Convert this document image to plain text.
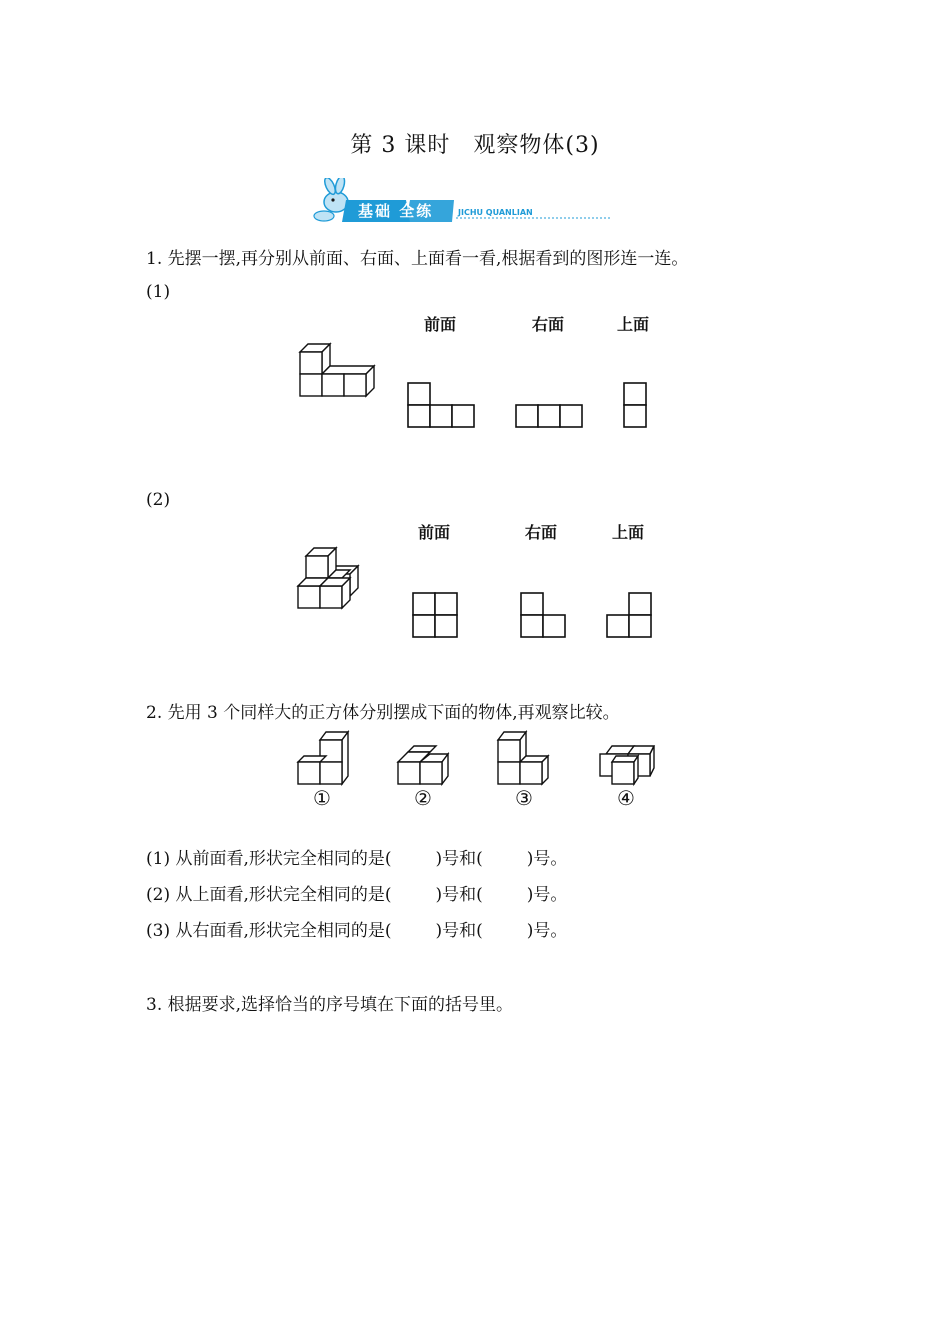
第 3 课时　观察物体(3)
基础 全练	JICHU QUANLIAN
1. 先摆一摆,再分别从前面、右面、上面看一看,根据看到的图形连一连。
(1)
前面	右面	上面
(2)
前面	右面	上面
2. 先用 3 个同样大的正方体分别摆成下面的物体,再观察比较。
①	②	③	④
(1) 从前面看,形状完全相同的是(	)号和(	)号。
(2) 从上面看,形状完全相同的是(	)号和(	)号。
(3) 从右面看,形状完全相同的是(	)号和(	)号。
3. 根据要求,选择恰当的序号填在下面的括号里。
